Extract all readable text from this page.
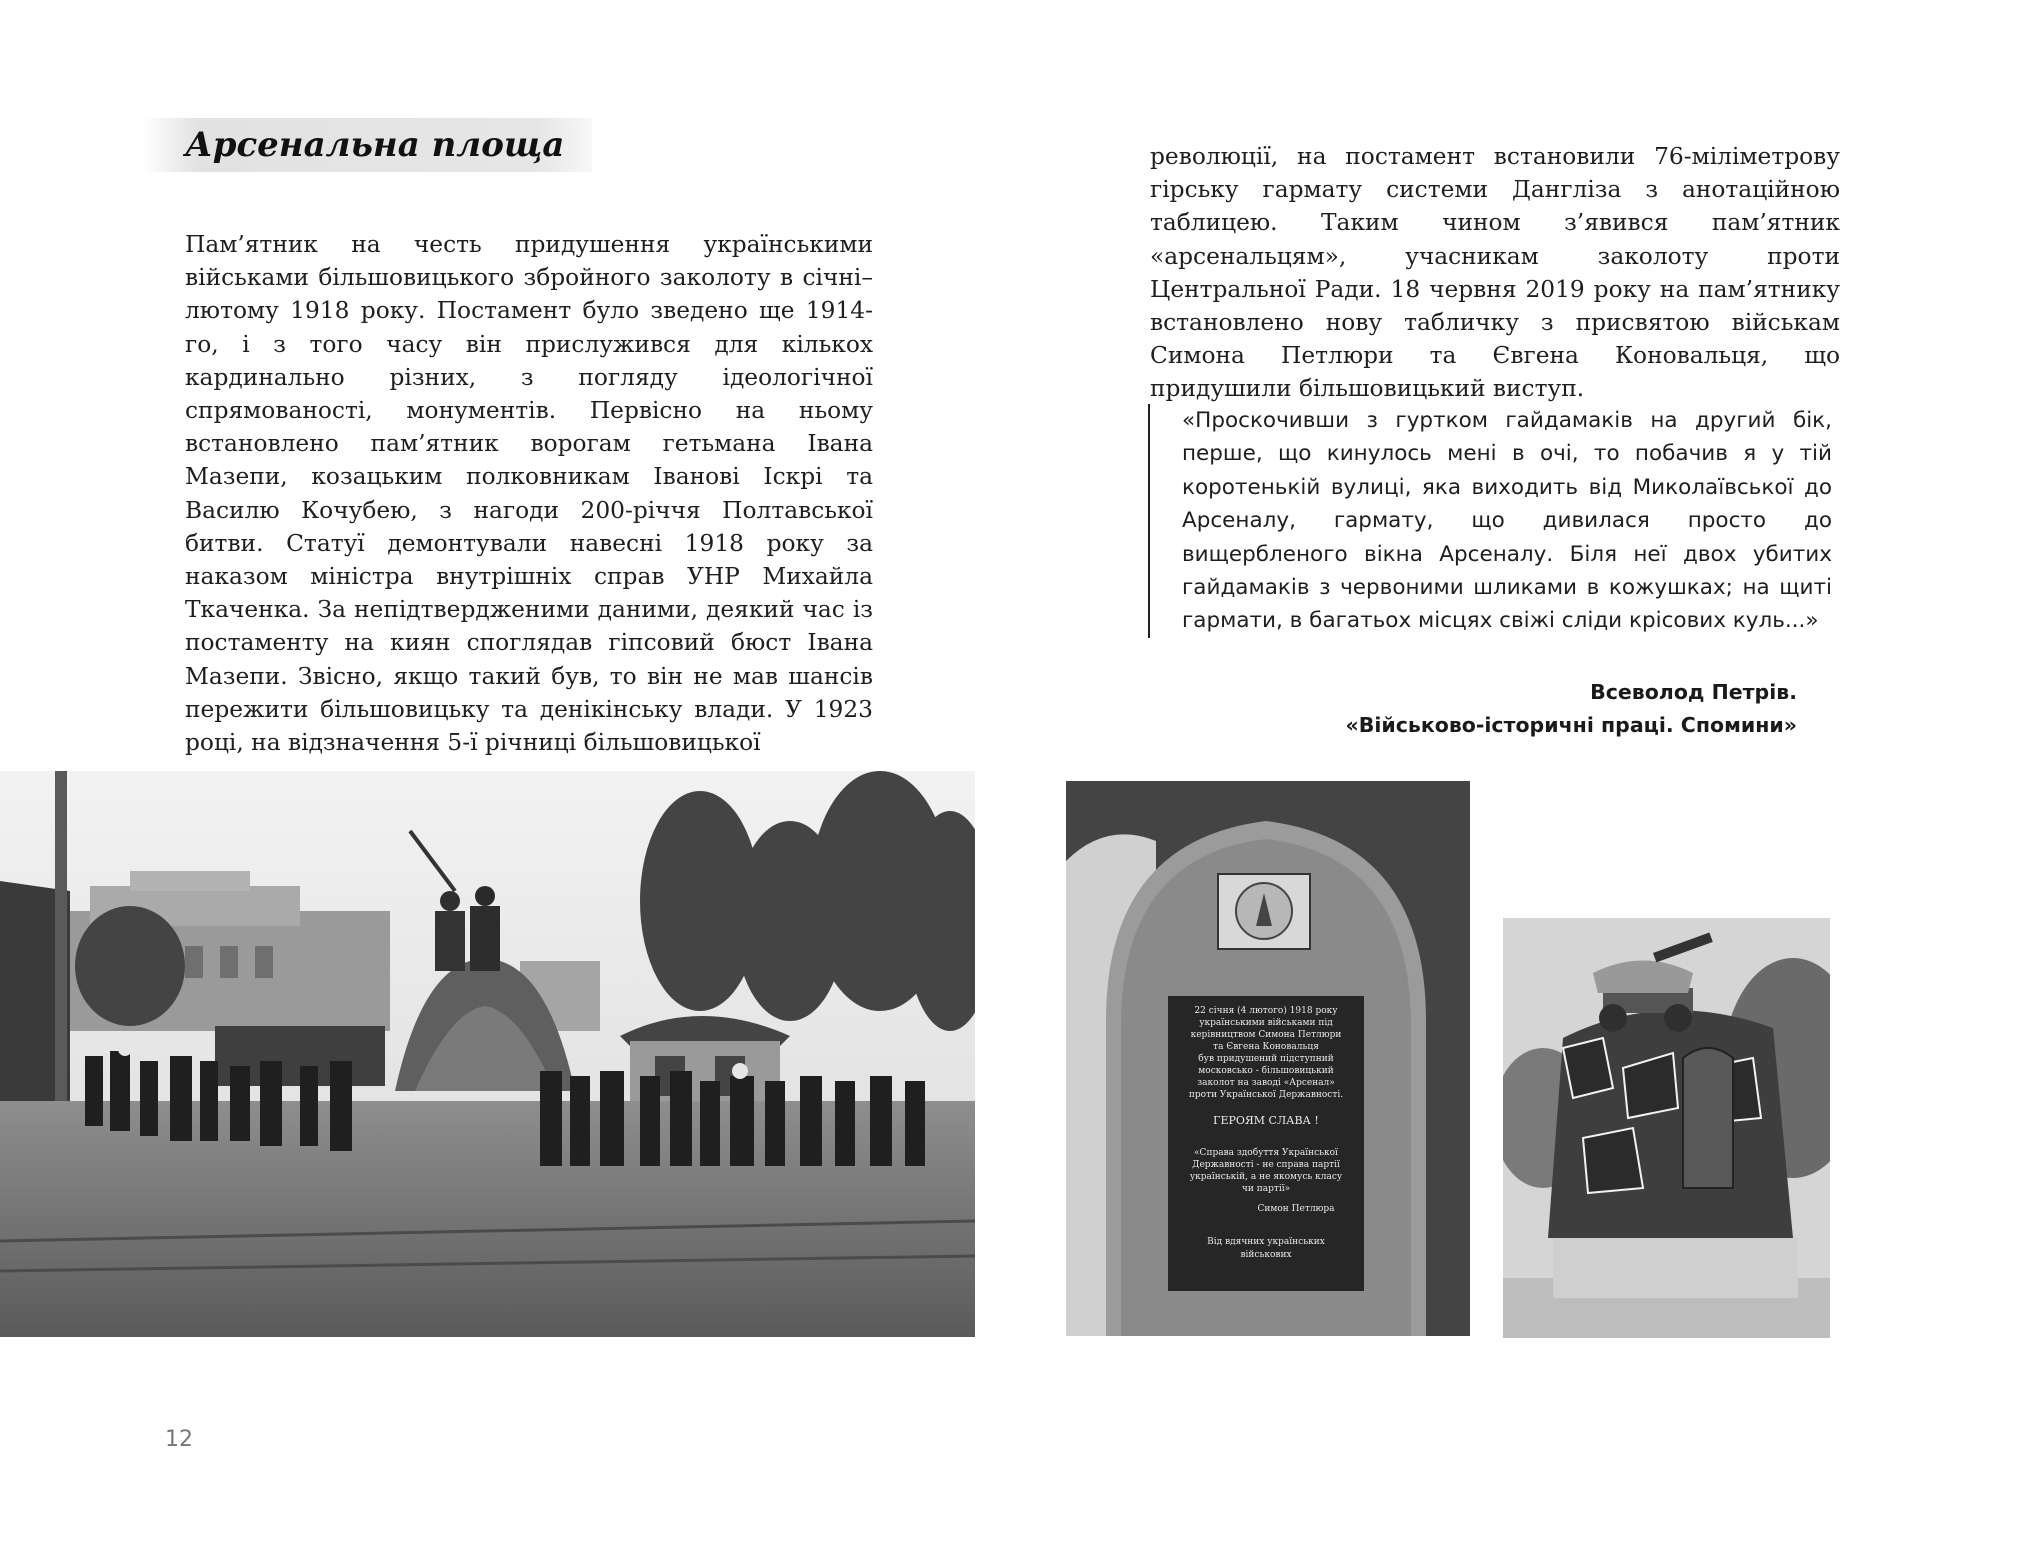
Арсенальна площа
Пам’ятник на честь придушення українськими військами більшовицького збройного заколоту в січні–лютому 1918 року. Постамент було зведено ще 1914-го, і з того часу він прислужився для кількох кардинально різних, з погляду ідеологічної спрямованості, монументів. Первісно на ньому встановлено пам’ятник ворогам гетьмана Івана Мазепи, козацьким полковникам Іванові Іскрі та Василю Кочубею, з нагоди 200-річчя Полтавської битви. Статуї демонтували навесні 1918 року за наказом міністра внутрішніх справ УНР Михайла Ткаченка. За непідтвердженими даними, деякий час із постаменту на киян споглядав гіпсовий бюст Івана Мазепи. Звісно, якщо такий був, то він не мав шансів пережити більшовицьку та денікінську влади. У 1923 році, на відзначення 5-ї річниці більшовицької
революції, на постамент встановили 76-міліметрову гірську гармату системи Дангліза з анотаційною таблицею. Таким чином з’явився пам’ятник «арсенальцям», учасникам заколоту проти Центральної Ради. 18 червня 2019 року на пам’ятнику встановлено нову табличку з присвятою військам Симона Петлюри та Євгена Коновальця, що придушили більшовицький виступ.
«Проскочивши з гуртком гайдамаків на другий бік, перше, що кинулось мені в очі, то побачив я у тій коротенькій вулиці, яка виходить від Миколаївської до Арсеналу, гармату, що дивилася просто до вищербленого вікна Арсеналу. Біля неї двох убитих гайдамаків з червоними шликами в кожушках; на щиті гармати, в багатьох місцях свіжі сліди крісових куль...»
Всеволод Петрів.
«Військово-історичні праці. Спомини»
22 січня (4 лютого) 1918 року
українськими військами під
керівництвом Симона Петлюри
та Євгена Коновальця
був придушений підступний
московсько - більшовицький
заколот на заводі «Арсенал»
проти Української Державності.
ГЕРОЯМ СЛАВА !
«Справа здобуття Української
Державності - не справа партії
українській, а не якомусь класу
чи партії»
Симон Петлюра
Від вдячних українських
військових
12
